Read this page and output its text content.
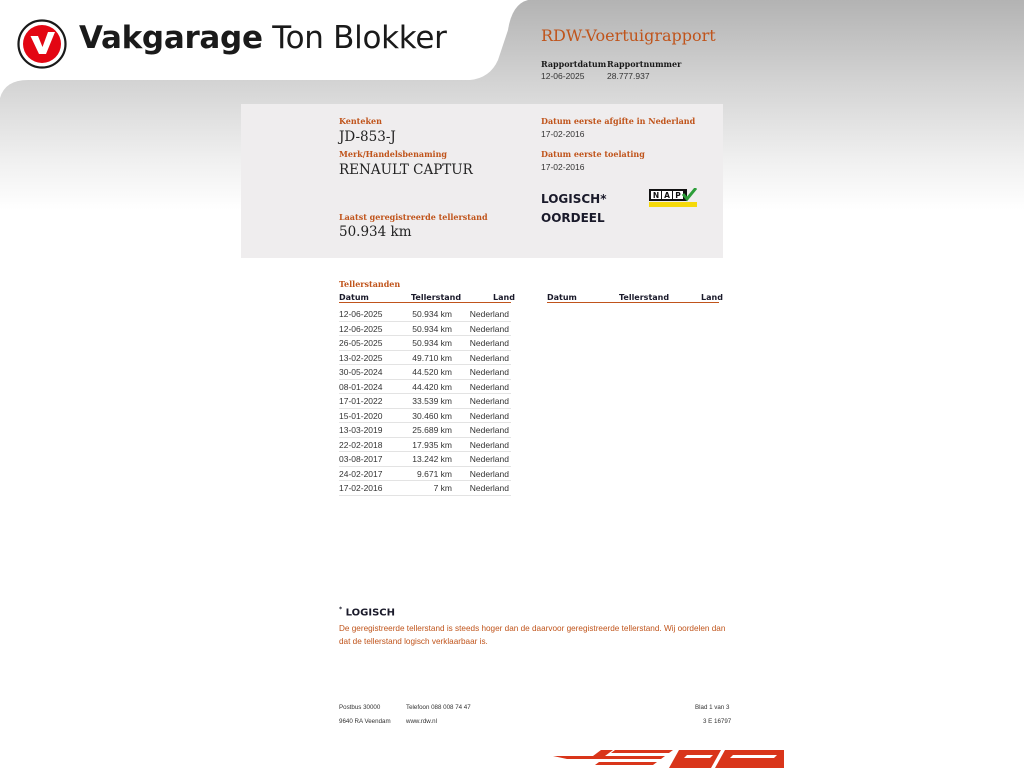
Vakgarage Ton Blokker	RDW-Voertuigrapport
Rapportdatum
12-06-2025
Rapportnummer
28.777.937
Kenteken
JD-853-J
Merk/Handelsbenaming
RENAULT CAPTUR
Laatst geregistreerde tellerstand
50.934 km
Datum eerste afgifte in Nederland
17-02-2016
Datum eerste toelating
17-02-2016
LOGISCH*
OORDEEL
N A P
Tellerstanden
Datum	Tellerstand	Land	Datum	Tellerstand	Land
12-06-2025	50.934 km Nederland
12-06-2025	50.934 km Nederland
26-05-2025	50.934 km Nederland
13-02-2025	49.710 km Nederland
30-05-2024	44.520 km Nederland
08-01-2024	44.420 km Nederland
17-01-2022	33.539 km Nederland
15-01-2020	30.460 km Nederland
13-03-2019	25.689 km Nederland
22-02-2018	17.935 km Nederland
03-08-2017	13.242 km Nederland
24-02-2017	9.671 km Nederland
17-02-2016	7 km Nederland
* LOGISCH
De geregistreerde tellerstand is steeds hoger dan de daarvoor geregistreerde tellerstand. Wij oordelen dan dat de tellerstand logisch verklaarbaar is.
Postbus 30000
9640 RA Veendam
Telefoon 088 008 74 47
www.rdw.nl
Blad 1 van 3
3 E 16797
